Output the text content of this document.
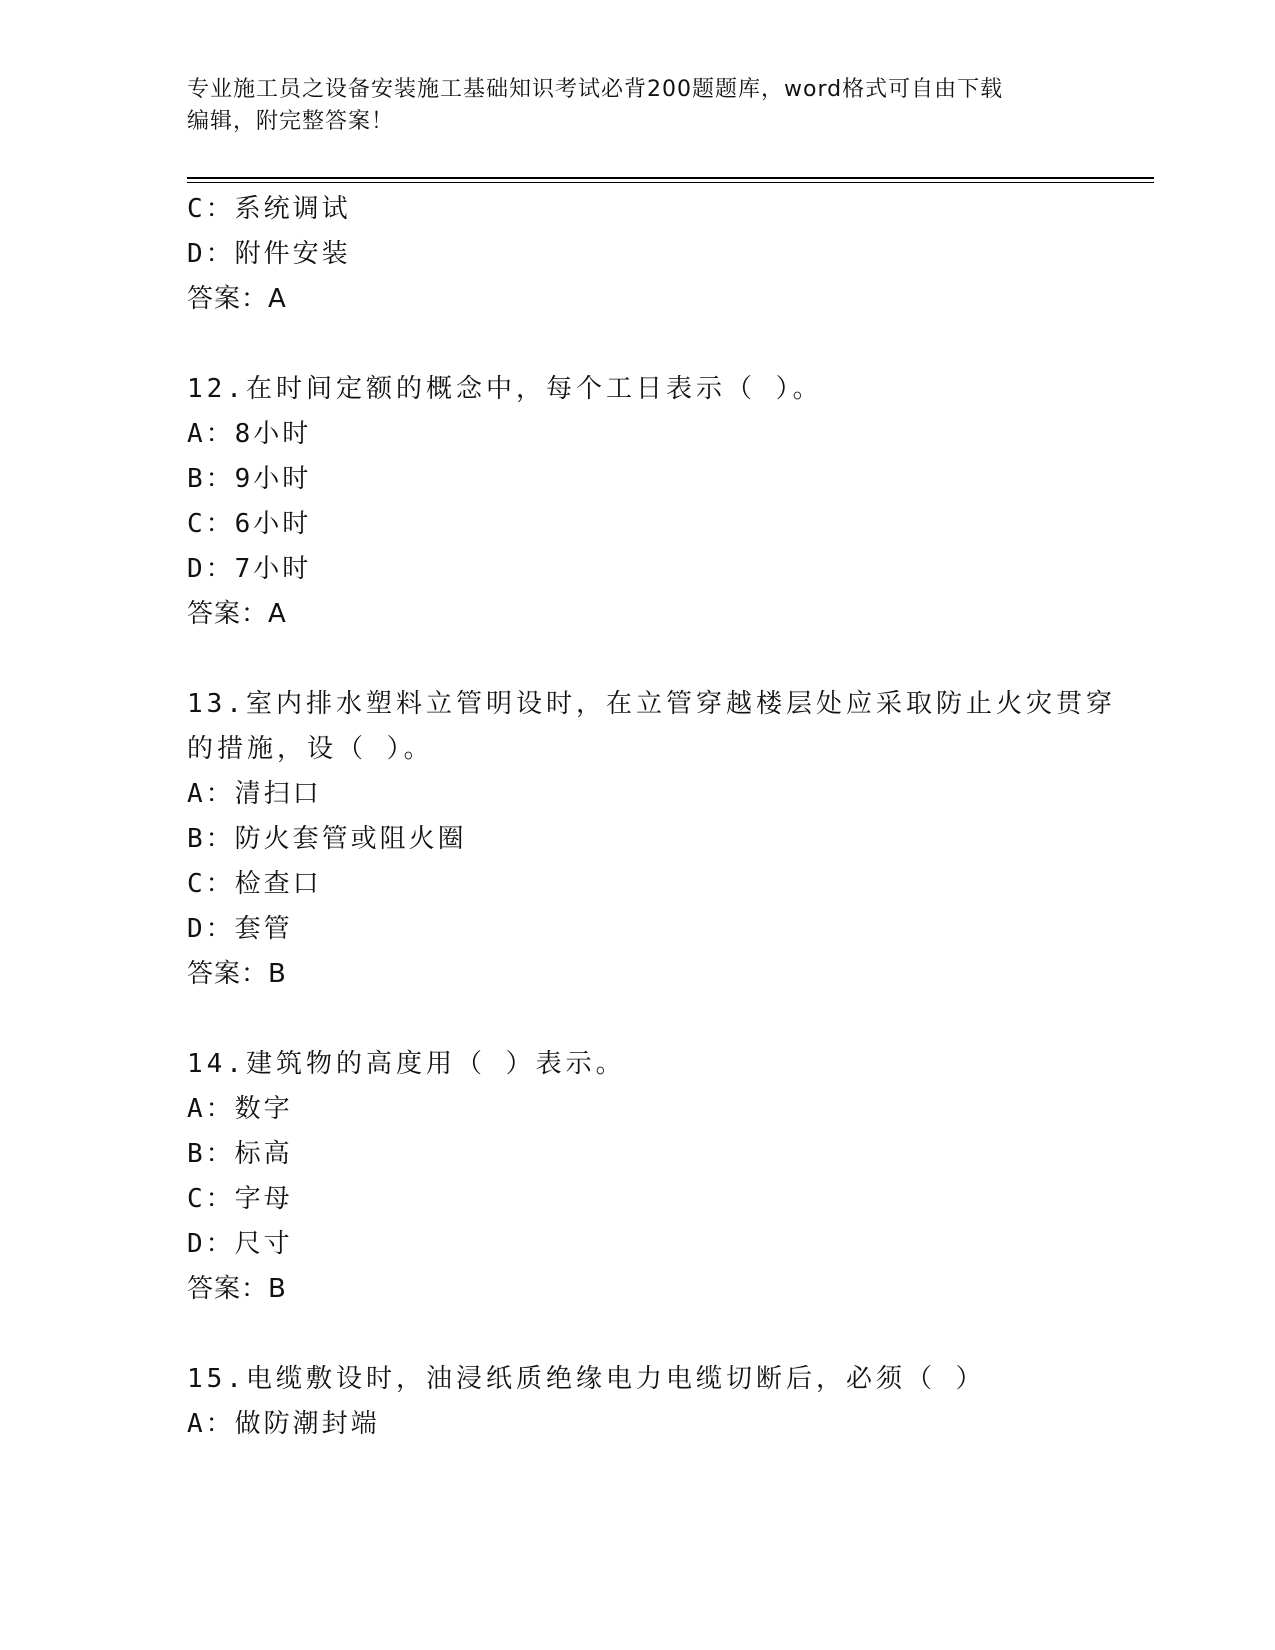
专业施工员之设备安装施工基础知识考试必背200题题库，word格式可自由下载
编辑，附完整答案！
C：系统调试
D：附件安装
答案：A
12.在时间定额的概念中，每个工日表示（ ）。
A：8小时
B：9小时
C：6小时
D：7小时
答案：A
13.室内排水塑料立管明设时，在立管穿越楼层处应采取防止火灾贯穿
的措施，设（ ）。
A：清扫口
B：防火套管或阻火圈
C：检查口
D：套管
答案：B
14.建筑物的高度用（ ）表示。
A：数字
B：标高
C：字母
D：尺寸
答案：B
15.电缆敷设时，油浸纸质绝缘电力电缆切断后，必须（ ）
A：做防潮封端
